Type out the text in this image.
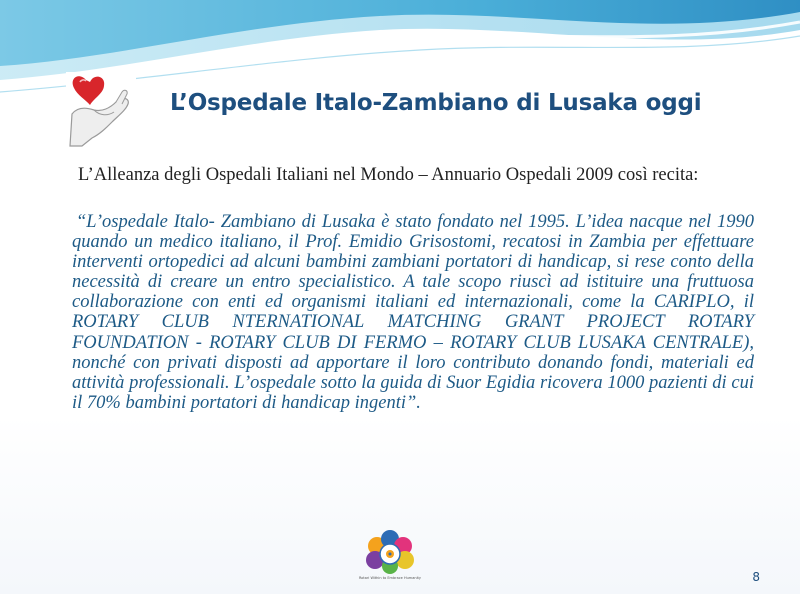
L’Ospedale Italo-Zambiano di Lusaka oggi

L’Alleanza degli Ospedali Italiani nel Mondo – Annuario Ospedali 2009 così recita:

“L’ospedale Italo- Zambiano di Lusaka è stato fondato nel 1995. L’idea nacque nel 1990 quando un medico italiano, il Prof. Emidio Grisostomi, recatosi in Zambia per effettuare interventi ortopedici ad alcuni bambini zambiani portatori di handicap, si rese conto della necessità di creare un entro specialistico. A tale scopo riuscì ad istituire una fruttuosa collaborazione con enti ed organismi italiani ed internazionali, come la CARIPLO, il ROTARY CLUB NTERNATIONAL MATCHING GRANT PROJECT ROTARY FOUNDATION - ROTARY CLUB DI FERMO – ROTARY CLUB LUSAKA CENTRALE), nonché con privati disposti ad apportare il loro contributo donando fondi, materiali ed attività professionali. L’ospedale sotto la guida di Suor Egidia ricovera 1000 pazienti di cui il 70% bambini portatori di handicap ingenti”.

Rotari Within to Embrace Humanity	8
